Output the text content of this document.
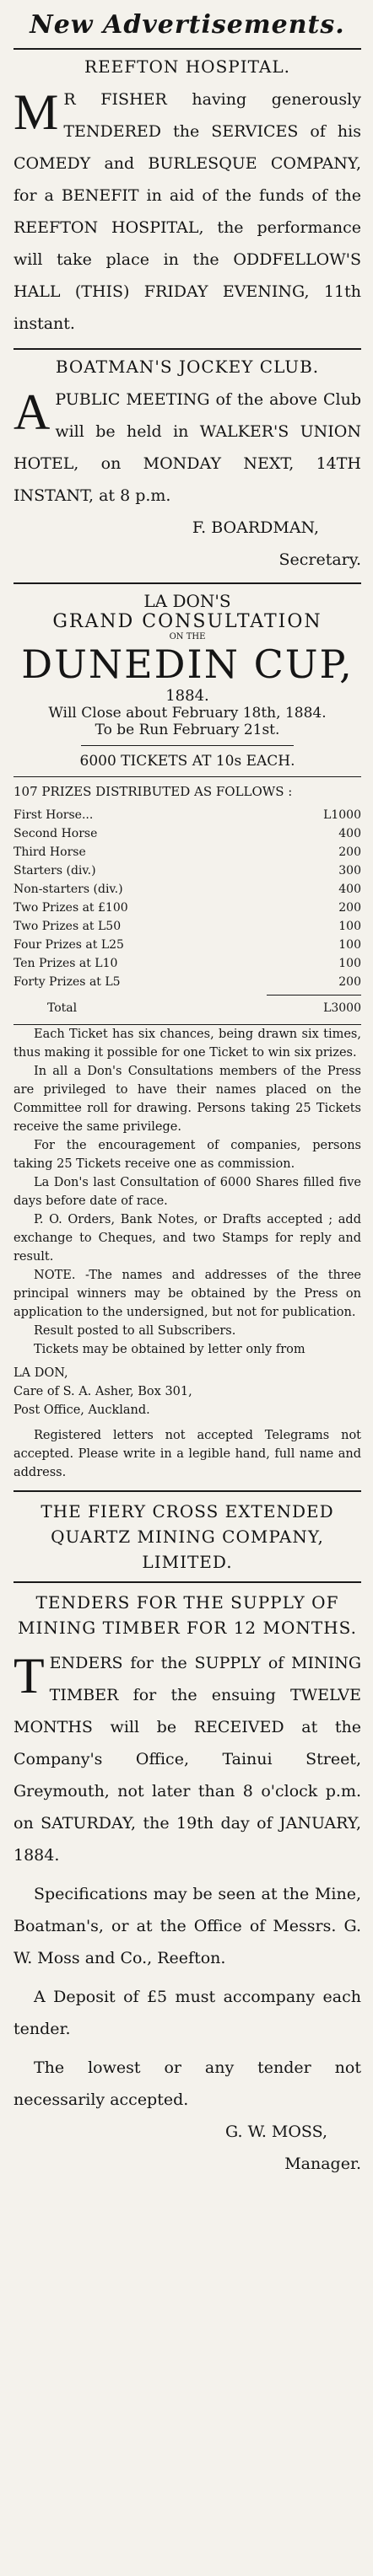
New Advertisements.
REEFTON HOSPITAL.
M R FISHER having generously TENDERED the SERVICES of his COMEDY and BURLESQUE COMPANY, for a BENEFIT in aid of the funds of the REEFTON HOSPITAL, the performance will take place in the ODDFELLOW'S HALL (THIS) FRIDAY EVENING, 11th instant.
BOATMAN'S JOCKEY CLUB.
APUBLIC MEETING of the above Club will be held in WALKER'S UNION HOTEL, on MONDAY NEXT, 14TH INSTANT, at 8 p.m.
F. BOARDMAN,
Secretary.
LA DON'S
GRAND CONSULTATION
ON THE
DUNEDIN CUP,
1884.
Will Close about February 18th, 1884.
To be Run February 21st.
6000 TICKETS AT 10s EACH.
107 PRIZES DISTRIBUTED AS FOLLOWS :
First Horse...	L1000
Second Horse	400
Third Horse	200
Starters (div.)	300
Non-starters (div.)	400
Two Prizes at £100	200
Two Prizes at L50	100
Four Prizes at L25	100
Ten Prizes at L10	100
Forty Prizes at L5	200
Total	L3000
Each Ticket has six chances, being drawn six times, thus making it possible for one Ticket to win six prizes.
In all a Don's Consultations members of the Press are privileged to have their names placed on the Committee roll for drawing. Persons taking 25 Tickets receive the same privilege.
For the encouragement of companies, persons taking 25 Tickets receive one as commission.
La Don's last Consultation of 6000 Shares filled five days before date of race.
P. O. Orders, Bank Notes, or Drafts accepted ; add exchange to Cheques, and two Stamps for reply and result.
NOTE. -The names and addresses of the three principal winners may be obtained by the Press on application to the undersigned, but not for publication.
Result posted to all Subscribers.
Tickets may be obtained by letter only from
LA DON,
Care of S. A. Asher, Box 301,
Post Office, Auckland.
Registered letters not accepted Telegrams not accepted. Please write in a legible hand, full name and address.
THE FIERY CROSS EXTENDED QUARTZ MINING COMPANY, LIMITED.
TENDERS FOR THE SUPPLY OF MINING TIMBER FOR 12 MONTHS.
TENDERS for the SUPPLY of MINING TIMBER for the ensuing TWELVE MONTHS will be RECEIVED at the Company's Office, Tainui Street, Greymouth, not later than 8 o'clock p.m. on SATURDAY, the 19th day of JANUARY, 1884.
Specifications may be seen at the Mine, Boatman's, or at the Office of Messrs. G. W. Moss and Co., Reefton.
A Deposit of £5 must accompany each tender.
The lowest or any tender not necessarily accepted.
G. W. MOSS,
Manager.
